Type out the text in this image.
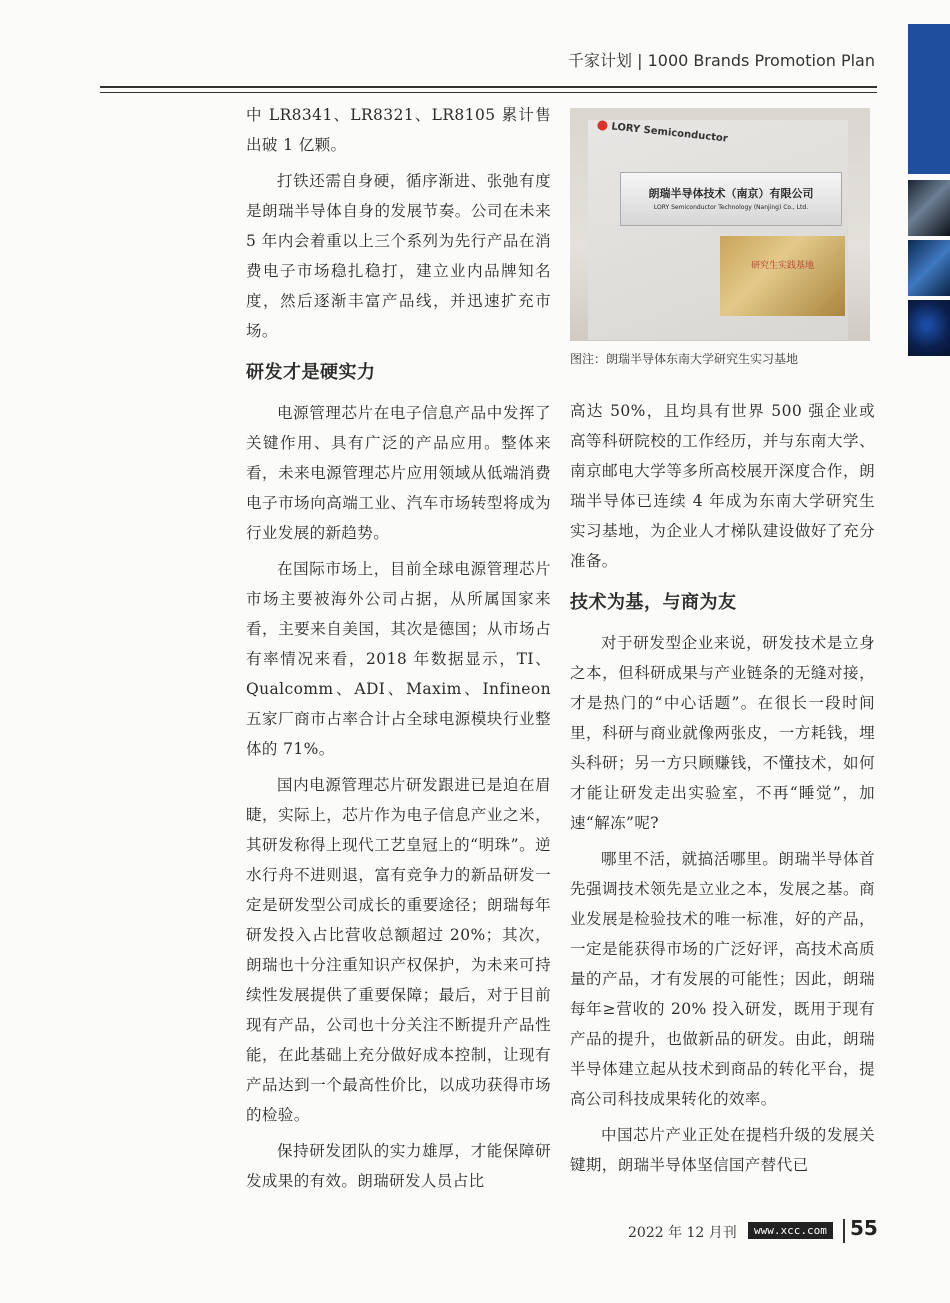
千家计划 | 1000 Brands Promotion Plan

中 LR8341、LR8321、LR8105 累计售出破 1 亿颗。

打铁还需自身硬，循序渐进、张弛有度是朗瑞半导体自身的发展节奏。公司在未来 5 年内会着重以上三个系列为先行产品在消费电子市场稳扎稳打，建立业内品牌知名度，然后逐渐丰富产品线，并迅速扩充市场。

研发才是硬实力

电源管理芯片在电子信息产品中发挥了关键作用、具有广泛的产品应用。整体来看，未来电源管理芯片应用领域从低端消费电子市场向高端工业、汽车市场转型将成为行业发展的新趋势。

在国际市场上，目前全球电源管理芯片市场主要被海外公司占据，从所属国家来看，主要来自美国，其次是德国；从市场占有率情况来看，2018 年数据显示，TI、Qualcomm、ADI、Maxim、Infineon 五家厂商市占率合计占全球电源模块行业整体的 71%。

国内电源管理芯片研发跟进已是迫在眉睫，实际上，芯片作为电子信息产业之米，其研发称得上现代工艺皇冠上的“明珠”。逆水行舟不进则退，富有竞争力的新品研发一定是研发型公司成长的重要途径；朗瑞每年研发投入占比营收总额超过 20%；其次，朗瑞也十分注重知识产权保护，为未来可持续性发展提供了重要保障；最后，对于目前现有产品，公司也十分关注不断提升产品性能，在此基础上充分做好成本控制，让现有产品达到一个最高性价比，以成功获得市场的检验。

保持研发团队的实力雄厚，才能保障研发成果的有效。朗瑞研发人员占比

LORY Semiconductor
朗瑞半导体技术（南京）有限公司
LORY Semiconductor Technology (Nanjing) Co., Ltd.
研究生实践基地
图注：朗瑞半导体东南大学研究生实习基地

高达 50%，且均具有世界 500 强企业或高等科研院校的工作经历，并与东南大学、南京邮电大学等多所高校展开深度合作，朗瑞半导体已连续 4 年成为东南大学研究生实习基地，为企业人才梯队建设做好了充分准备。

技术为基，与商为友

对于研发型企业来说，研发技术是立身之本，但科研成果与产业链条的无缝对接，才是热门的“中心话题”。在很长一段时间里，科研与商业就像两张皮，一方耗钱，埋头科研；另一方只顾赚钱，不懂技术，如何才能让研发走出实验室，不再“睡觉”，加速“解冻”呢?

哪里不活，就搞活哪里。朗瑞半导体首先强调技术领先是立业之本，发展之基。商业发展是检验技术的唯一标准，好的产品，一定是能获得市场的广泛好评，高技术高质量的产品，才有发展的可能性；因此，朗瑞每年≥营收的 20% 投入研发，既用于现有产品的提升，也做新品的研发。由此，朗瑞半导体建立起从技术到商品的转化平台，提高公司科技成果转化的效率。

中国芯片产业正处在提档升级的发展关键期，朗瑞半导体坚信国产替代已

2022 年 12 月刊	www.xcc.com	55
